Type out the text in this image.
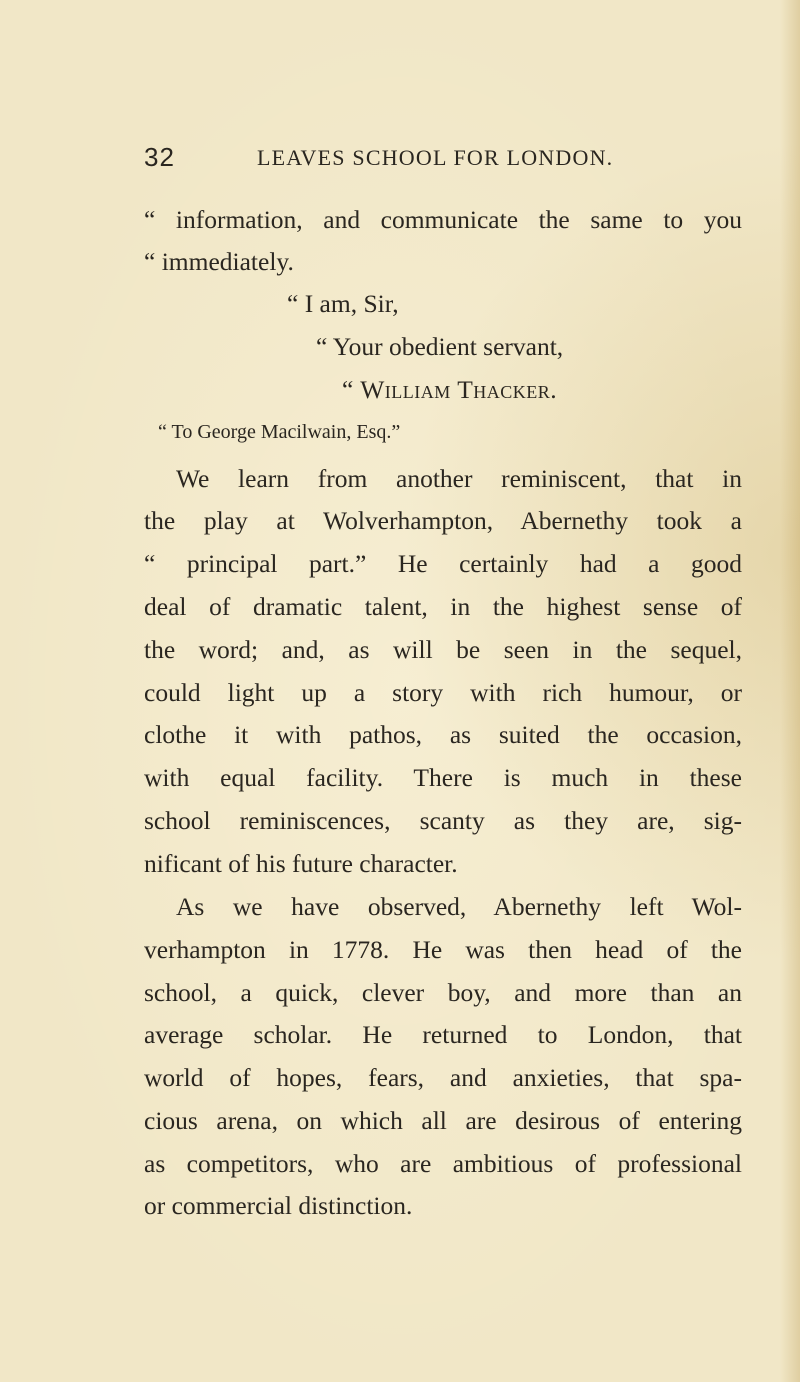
32	LEAVES SCHOOL FOR LONDON.
“ information, and communicate the same to you
“ immediately.
“ I am, Sir,
“ Your obedient servant,
“ William Thacker.
“ To George Macilwain, Esq.”
We learn from another reminiscent, that in
the play at Wolverhampton, Abernethy took a
“ principal part.” He certainly had a good
deal of dramatic talent, in the highest sense of
the word; and, as will be seen in the sequel,
could light up a story with rich humour, or
clothe it with pathos, as suited the occasion,
with equal facility. There is much in these
school reminiscences, scanty as they are, sig-
nificant of his future character.
As we have observed, Abernethy left Wol-
verhampton in 1778. He was then head of the
school, a quick, clever boy, and more than an
average scholar. He returned to London, that
world of hopes, fears, and anxieties, that spa-
cious arena, on which all are desirous of entering
as competitors, who are ambitious of professional
or commercial distinction.
